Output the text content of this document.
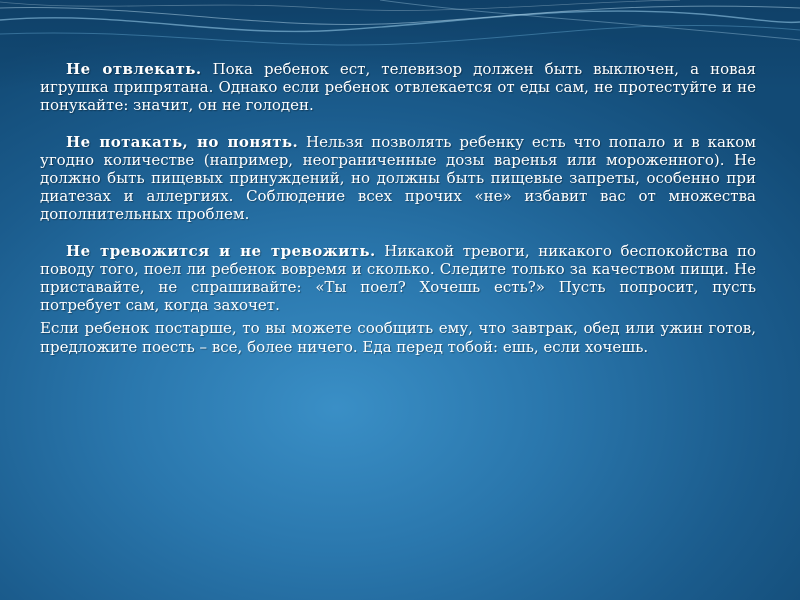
Не отвлекать. Пока ребенок ест, телевизор должен быть выключен, а новая игрушка припрятана. Однако если ребенок отвлекается от еды сам, не протестуйте и не понукайте: значит, он не голоден.

Не потакать, но понять. Нельзя позволять ребенку есть что попало и в каком угодно количестве (например, неограниченные дозы варенья или мороженного). Не должно быть пищевых принуждений, но должны быть пищевые запреты, особенно при диатезах и аллергиях. Соблюдение всех прочих «не» избавит вас от множества дополнительных проблем.

Не тревожится и не тревожить. Никакой тревоги, никакого беспокойства по поводу того, поел ли ребенок вовремя и сколько. Следите только за качеством пищи. Не приставайте, не спрашивайте: «Ты поел? Хочешь есть?» Пусть попросит, пусть потребует сам, когда захочет.

Если ребенок постарше, то вы можете сообщить ему, что завтрак, обед или ужин готов, предложите поесть – все, более ничего. Еда перед тобой: ешь, если хочешь.
